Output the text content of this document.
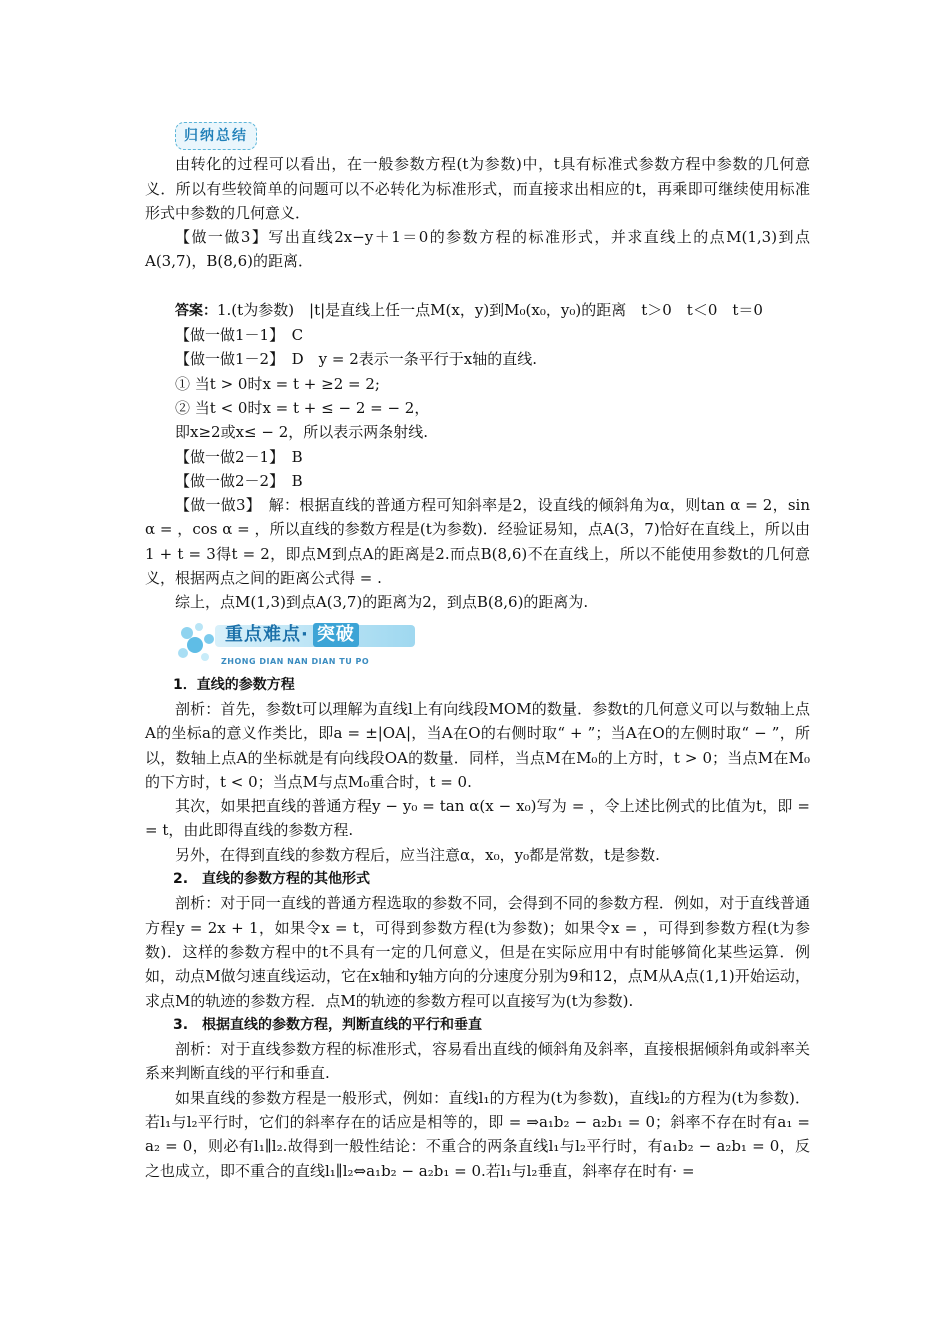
归纳总结

由转化的过程可以看出，在一般参数方程(t为参数)中，t具有标准式参数方程中参数的几何意义．所以有些较简单的问题可以不必转化为标准形式，而直接求出相应的t，再乘即可继续使用标准形式中参数的几何意义．

【做一做3】写出直线2x−y＋1＝0的参数方程的标准形式，并求直线上的点M(1,3)到点A(3,7)，B(8,6)的距离．

答案：1.(t为参数)　|t|是直线上任一点M(x，y)到M₀(x₀，y₀)的距离　t＞0　t＜0　t＝0

【做一做1－1】　C

【做一做1－2】　D　y = 2表示一条平行于x轴的直线.

① 当t > 0时x = t + ≥2 = 2;

② 当t < 0时x = t + ≤ − 2 = − 2，

即x≥2或x≤ − 2，所以表示两条射线.

【做一做2－1】　B

【做一做2－2】　B

【做一做3】　解：根据直线的普通方程可知斜率是2，设直线的倾斜角为α，则tan α = 2，sin α = ，cos α = ，所以直线的参数方程是(t为参数)．经验证易知，点A(3，7)恰好在直线上，所以由1 + t = 3得t = 2，即点M到点A的距离是2.而点B(8,6)不在直线上，所以不能使用参数t的几何意义，根据两点之间的距离公式得 = .

综上，点M(1,3)到点A(3,7)的距离为2，到点B(8,6)的距离为.

重点难点· 突破
ZHONG DIAN NAN DIAN TU PO

1．直线的参数方程

剖析：首先，参数t可以理解为直线l上有向线段MOM的数量．参数t的几何意义可以与数轴上点A的坐标a的意义作类比，即a = ±|OA|，当A在O的右侧时取“ + ”；当A在O的左侧时取“ − ”，所以，数轴上点A的坐标就是有向线段OA的数量．同样，当点M在M₀的上方时，t > 0；当点M在M₀的下方时，t < 0；当点M与点M₀重合时，t = 0.

其次，如果把直线的普通方程y − y₀ = tan α(x − x₀)写为 = ，令上述比例式的比值为t，即 = = t，由此即得直线的参数方程.

另外，在得到直线的参数方程后，应当注意α，x₀，y₀都是常数，t是参数.

2.　直线的参数方程的其他形式

剖析：对于同一直线的普通方程选取的参数不同，会得到不同的参数方程．例如，对于直线普通方程y = 2x + 1，如果令x = t，可得到参数方程(t为参数)；如果令x = ，可得到参数方程(t为参数)．这样的参数方程中的t不具有一定的几何意义，但是在实际应用中有时能够简化某些运算．例如，动点M做匀速直线运动，它在x轴和y轴方向的分速度分别为9和12，点M从A点(1,1)开始运动，求点M的轨迹的参数方程．点M的轨迹的参数方程可以直接写为(t为参数).

3.　根据直线的参数方程，判断直线的平行和垂直

剖析：对于直线参数方程的标准形式，容易看出直线的倾斜角及斜率，直接根据倾斜角或斜率关系来判断直线的平行和垂直.

如果直线的参数方程是一般形式，例如：直线l₁的方程为(t为参数)，直线l₂的方程为(t为参数)．若l₁与l₂平行时，它们的斜率存在的话应是相等的，即 = ⇒a₁b₂ − a₂b₁ = 0；斜率不存在时有a₁ = a₂ = 0，则必有l₁∥l₂.故得到一般性结论：不重合的两条直线l₁与l₂平行时，有a₁b₂ − a₂b₁ = 0，反之也成立，即不重合的直线l₁∥l₂⇔a₁b₂ − a₂b₁ = 0.若l₁与l₂垂直，斜率存在时有· =
